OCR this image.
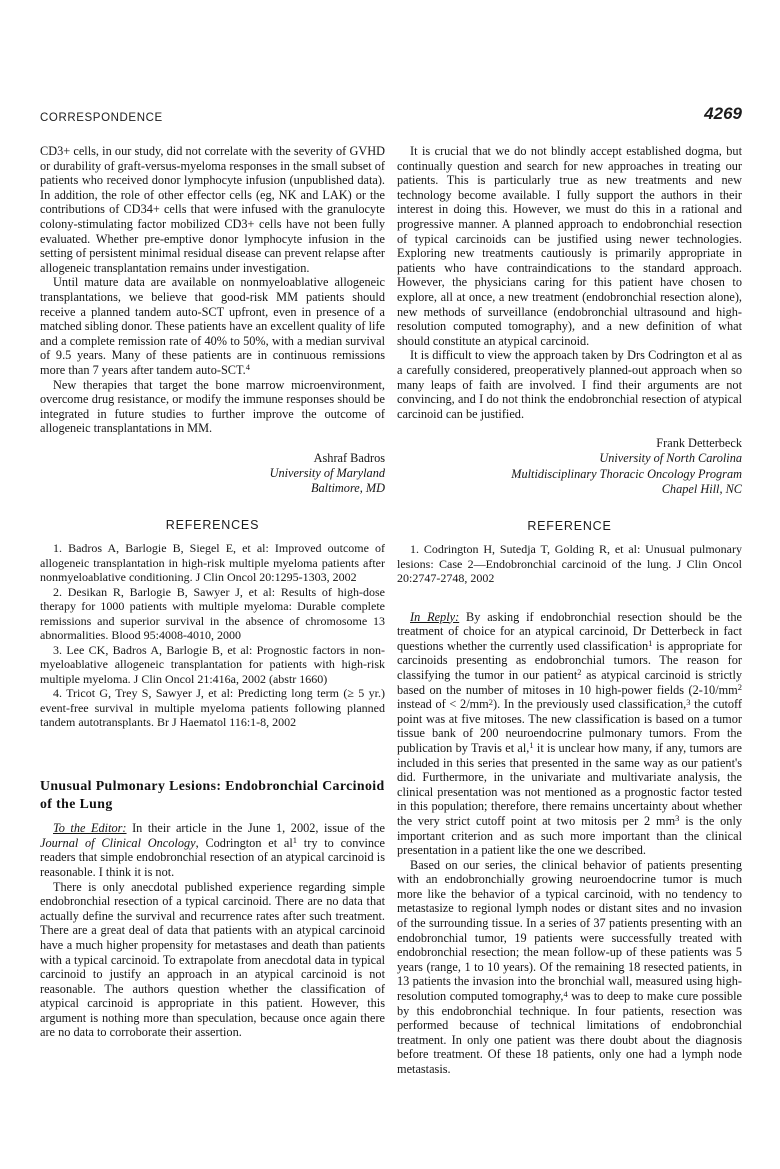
CORRESPONDENCE	4269

CD3+ cells, in our study, did not correlate with the severity of GVHD or durability of graft-versus-myeloma responses in the small subset of patients who received donor lymphocyte infusion (unpublished data). In addition, the role of other effector cells (eg, NK and LAK) or the contributions of CD34+ cells that were infused with the granulocyte colony-stimulating factor mobilized CD3+ cells have not been fully evaluated. Whether pre-emptive donor lymphocyte infusion in the setting of persistent minimal residual disease can prevent relapse after allogeneic transplantation remains under investigation.

Until mature data are available on nonmyeloablative allogeneic transplantations, we believe that good-risk MM patients should receive a planned tandem auto-SCT upfront, even in presence of a matched sibling donor. These patients have an excellent quality of life and a complete remission rate of 40% to 50%, with a median survival of 9.5 years. Many of these patients are in continuous remissions more than 7 years after tandem auto-SCT.$^4$

New therapies that target the bone marrow microenvironment, overcome drug resistance, or modify the immune responses should be integrated in future studies to further improve the outcome of allogeneic transplantations in MM.

Ashraf Badros
University of Maryland
Baltimore, MD
REFERENCES

1. Badros A, Barlogie B, Siegel E, et al: Improved outcome of allogeneic transplantation in high-risk multiple myeloma patients after nonmyeloablative conditioning. J Clin Oncol 20:1295-1303, 2002

2. Desikan R, Barlogie B, Sawyer J, et al: Results of high-dose therapy for 1000 patients with multiple myeloma: Durable complete remissions and superior survival in the absence of chromosome 13 abnormalities. Blood 95:4008-4010, 2000

3. Lee CK, Badros A, Barlogie B, et al: Prognostic factors in non-myeloablative allogeneic transplantation for patients with high-risk multiple myeloma. J Clin Oncol 21:416a, 2002 (abstr 1660)

4. Tricot G, Trey S, Sawyer J, et al: Predicting long term (≥ 5 yr.) event-free survival in multiple myeloma patients following planned tandem autotransplants. Br J Haematol 116:1-8, 2002

Unusual Pulmonary Lesions: Endobronchial Carcinoid of the Lung

To the Editor: In their article in the June 1, 2002, issue of the Journal of Clinical Oncology, Codrington et $al^1$ try to convince readers that simple endobronchial resection of an atypical carcinoid is reasonable. I think it is not.

There is only anecdotal published experience regarding simple endobronchial resection of a typical carcinoid. There are no data that actually define the survival and recurrence rates after such treatment. There are a great deal of data that patients with an atypical carcinoid have a much higher propensity for metastases and death than patients with a typical carcinoid. To extrapolate from anecdotal data in typical carcinoid to justify an approach in an atypical carcinoid is not reasonable. The authors question whether the classification of atypical carcinoid is appropriate in this patient. However, this argument is nothing more than speculation, because once again there are no data to corroborate their assertion.

It is crucial that we do not blindly accept established dogma, but continually question and search for new approaches in treating our patients. This is particularly true as new treatments and new technology become available. I fully support the authors in their interest in doing this. However, we must do this in a rational and progressive manner. A planned approach to endobronchial resection of typical carcinoids can be justified using newer technologies. Exploring new treatments cautiously is primarily appropriate in patients who have contraindications to the standard approach. However, the physicians caring for this patient have chosen to explore, all at once, a new treatment (endobronchial resection alone), new methods of surveillance (endobronchial ultrasound and high-resolution computed tomography), and a new definition of what should constitute an atypical carcinoid.

It is difficult to view the approach taken by Drs Codrington et al as a carefully considered, preoperatively planned-out approach when so many leaps of faith are involved. I find their arguments are not convincing, and I do not think the endobronchial resection of atypical carcinoid can be justified.

Frank Detterbeck
University of North Carolina
Multidisciplinary Thoracic Oncology Program
Chapel Hill, NC
REFERENCE

1. Codrington H, Sutedja T, Golding R, et al: Unusual pulmonary lesions: Case 2—Endobronchial carcinoid of the lung. J Clin Oncol 20:2747-2748, 2002

In Reply: By asking if endobronchial resection should be the treatment of choice for an atypical carcinoid, Dr Detterbeck in fact questions whether the currently used classification$^1$ is appropriate for carcinoids presenting as endobronchial tumors. The reason for classifying the tumor in our patient$^2$ as atypical carcinoid is strictly based on the number of mitoses in 10 high-power fields ($2-10/mm^2$ instead of < $2/mm^2$). In the previously used classification,$^3$ the cutoff point was at five mitoses. The new classification is based on a tumor tissue bank of 200 neuroendocrine pulmonary tumors. From the publication by Travis et al,$^1$ it is unclear how many, if any, tumors are included in this series that presented in the same way as our patient's did. Furthermore, in the univariate and multivariate analysis, the clinical presentation was not mentioned as a prognostic factor tested in this population; therefore, there remains uncertainty about whether the very strict cutoff point at two mitosis per 2 $mm^3$ is the only important criterion and as such more important than the clinical presentation in a patient like the one we described.

Based on our series, the clinical behavior of patients presenting with an endobronchially growing neuroendocrine tumor is much more like the behavior of a typical carcinoid, with no tendency to metastasize to regional lymph nodes or distant sites and no invasion of the surrounding tissue. In a series of 37 patients presenting with an endobronchial tumor, 19 patients were successfully treated with endobronchial resection; the mean follow-up of these patients was 5 years (range, 1 to 10 years). Of the remaining 18 resected patients, in 13 patients the invasion into the bronchial wall, measured using high-resolution computed tomography,$^4$ was to deep to make cure possible by this endobronchial technique. In four patients, resection was performed because of technical limitations of endobronchial treatment. In only one patient was there doubt about the diagnosis before treatment. Of these 18 patients, only one had a lymph node metastasis.
